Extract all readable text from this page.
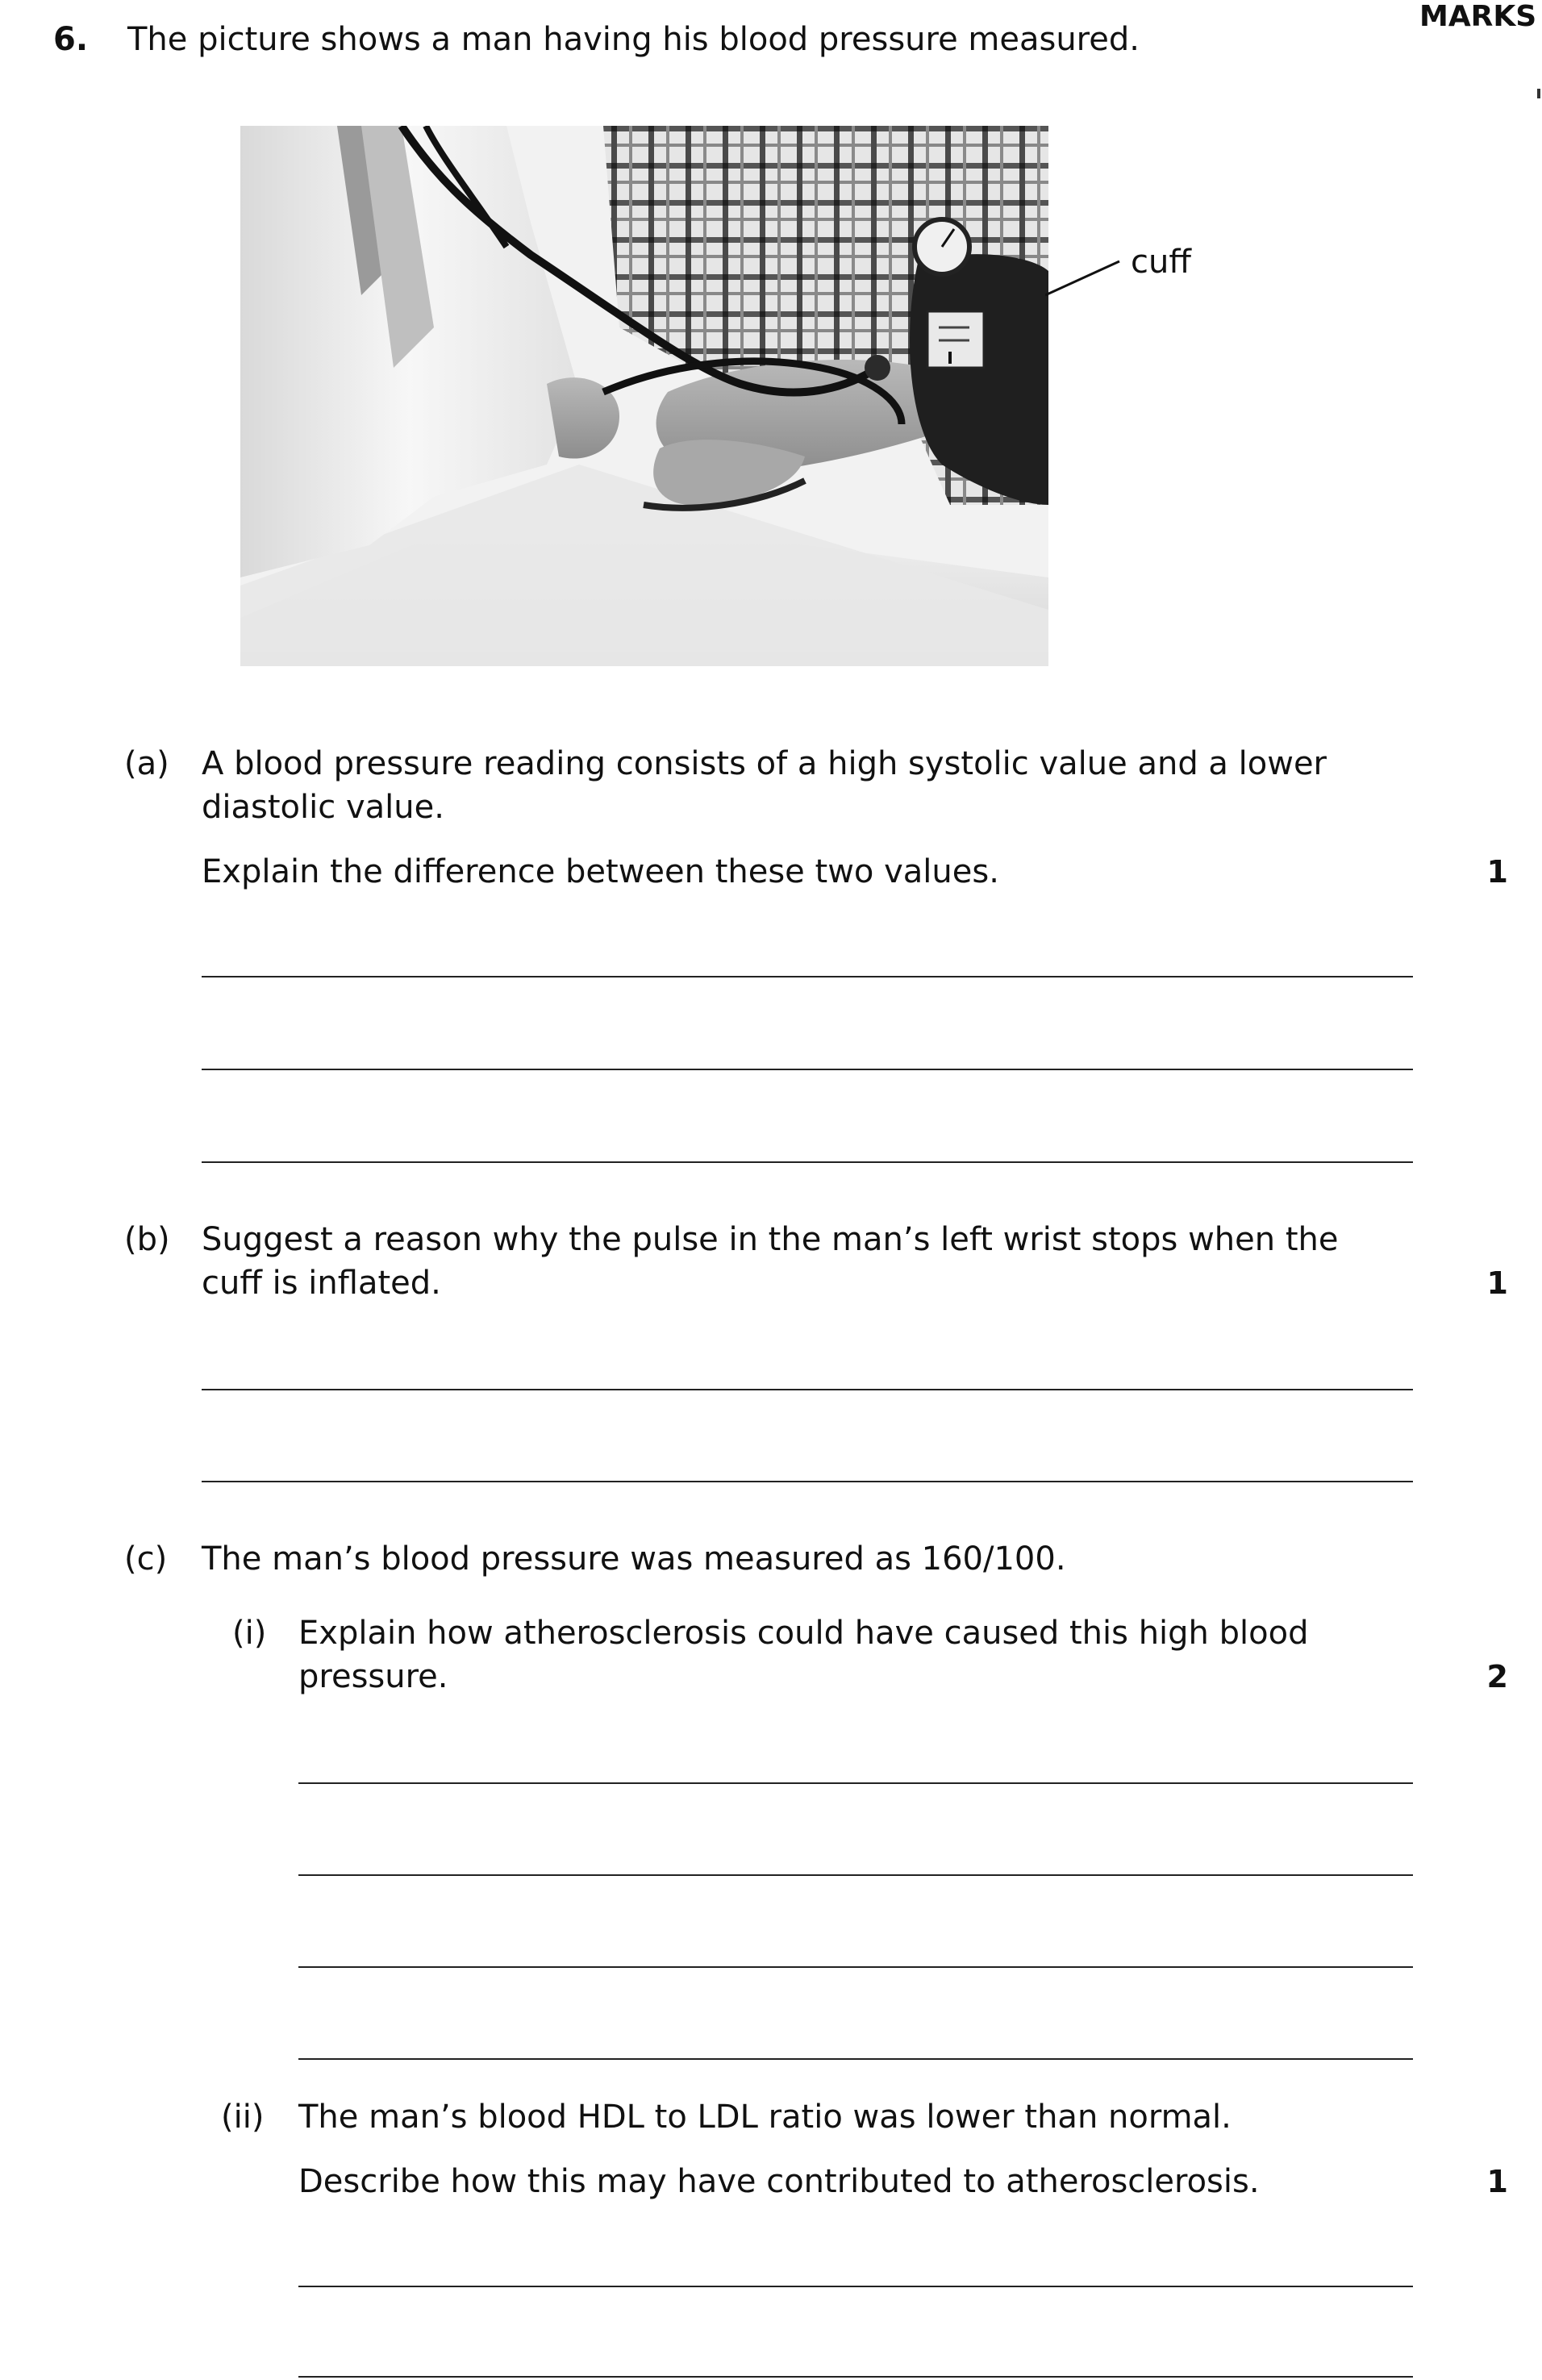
MARKS
6. The picture shows a man having his blood pressure measured.
cuff
(a) A blood pressure reading consists of a high systolic value and a lower
diastolic value.
Explain the difference between these two values.	1
(b) Suggest a reason why the pulse in the man’s left wrist stops when the
cuff is inflated.	1
(c) The man’s blood pressure was measured as 160/100.
(i) Explain how atherosclerosis could have caused this high blood
pressure.	2
(ii) The man’s blood HDL to LDL ratio was lower than normal.
Describe how this may have contributed to atherosclerosis.	1
